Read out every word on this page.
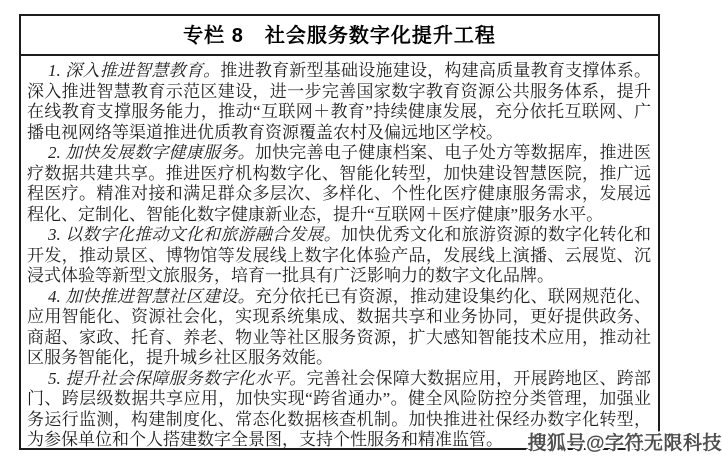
专栏 8　社会服务数字化提升工程

1. 深入推进智慧教育。推进教育新型基础设施建设，构建高质量教育支撑体系。深入推进智慧教育示范区建设，进一步完善国家数字教育资源公共服务体系，提升在线教育支撑服务能力，推动“互联网＋教育”持续健康发展，充分依托互联网、广播电视网络等渠道推进优质教育资源覆盖农村及偏远地区学校。

2. 加快发展数字健康服务。加快完善电子健康档案、电子处方等数据库，推进医疗数据共建共享。推进医疗机构数字化、智能化转型，加快建设智慧医院，推广远程医疗。精准对接和满足群众多层次、多样化、个性化医疗健康服务需求，发展远程化、定制化、智能化数字健康新业态，提升“互联网＋医疗健康”服务水平。

3. 以数字化推动文化和旅游融合发展。加快优秀文化和旅游资源的数字化转化和开发，推动景区、博物馆等发展线上数字化体验产品，发展线上演播、云展览、沉浸式体验等新型文旅服务，培育一批具有广泛影响力的数字文化品牌。

4. 加快推进智慧社区建设。充分依托已有资源，推动建设集约化、联网规范化、应用智能化、资源社会化，实现系统集成、数据共享和业务协同，更好提供政务、商超、家政、托育、养老、物业等社区服务资源，扩大感知智能技术应用，推动社区服务智能化，提升城乡社区服务效能。

5. 提升社会保障服务数字化水平。完善社会保障大数据应用，开展跨地区、跨部门、跨层级数据共享应用，加快实现“跨省通办”。健全风险防控分类管理，加强业务运行监测，构建制度化、常态化数据核查机制。加快推进社保经办数字化转型，为参保单位和个人搭建数字全景图，支持个性服务和精准监管。	搜狐号@字符无限科技
